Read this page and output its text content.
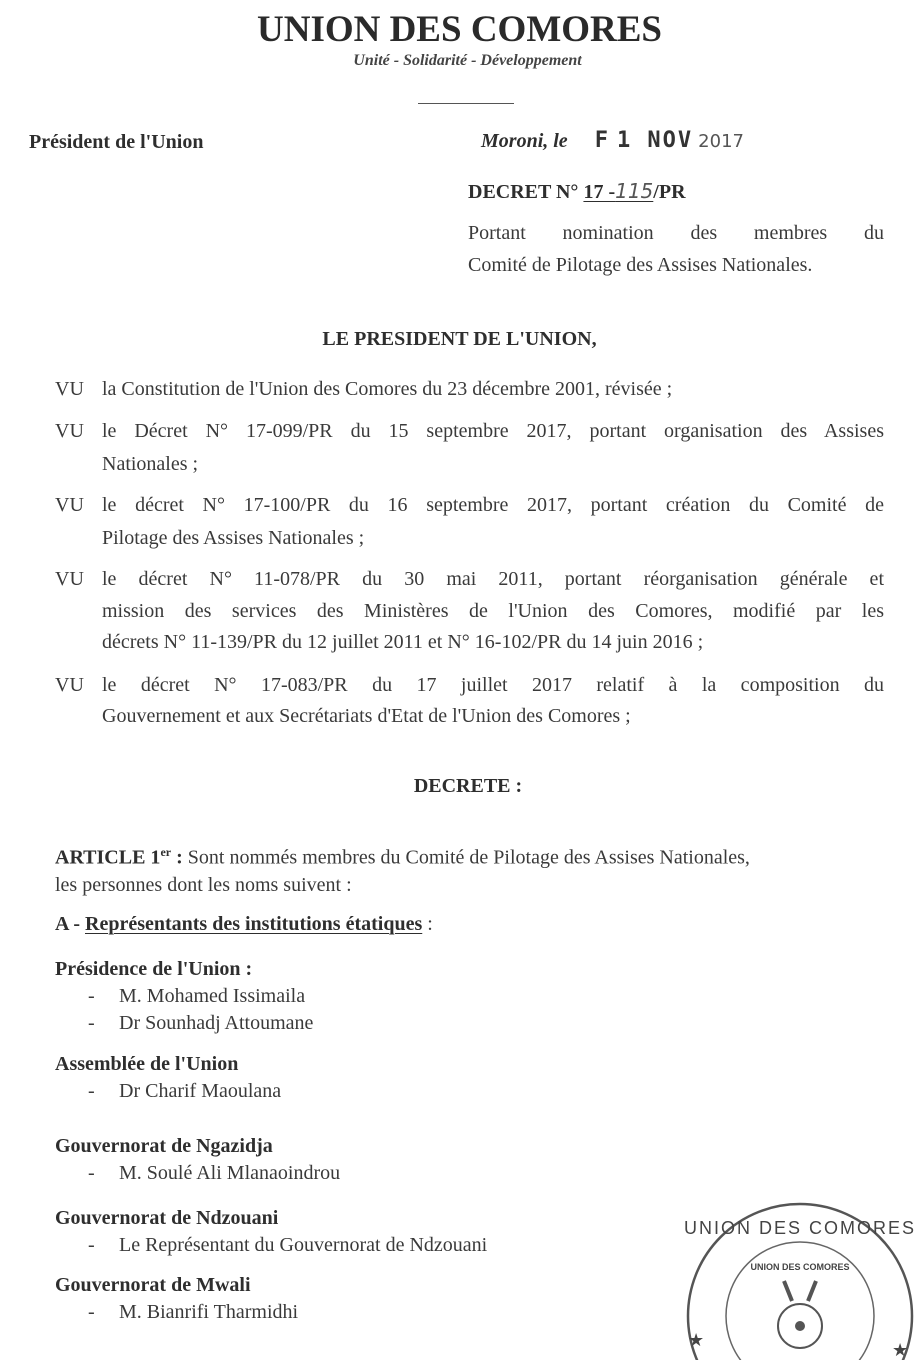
UNION DES COMORES
Unité - Solidarité - Développement
Président de l'Union	Moroni, le F 1 NOV 2017
DECRET N° 17 -115/PR
Portant nomination des membres du
Comité de Pilotage des Assises Nationales.
LE PRESIDENT DE L'UNION,
VU la Constitution de l'Union des Comores du 23 décembre 2001, révisée ;
VU le Décret N° 17-099/PR du 15 septembre 2017, portant organisation des Assises
Nationales ;
VU le décret N° 17-100/PR du 16 septembre 2017, portant création du Comité de
Pilotage des Assises Nationales ;
VU le décret N° 11-078/PR du 30 mai 2011, portant réorganisation générale et
mission des services des Ministères de l'Union des Comores, modifié par les
décrets N° 11-139/PR du 12 juillet 2011 et N° 16-102/PR du 14 juin 2016 ;
VU le décret N° 17-083/PR du 17 juillet 2017 relatif à la composition du
Gouvernement et aux Secrétariats d'Etat de l'Union des Comores ;
DECRETE :
ARTICLE 1er : Sont nommés membres du Comité de Pilotage des Assises Nationales,
les personnes dont les noms suivent :
A - Représentants des institutions étatiques :
Présidence de l'Union :
- M. Mohamed Issimaila
- Dr Sounhadj Attoumane
Assemblée de l'Union
- Dr Charif Maoulana
Gouvernorat de Ngazidja
- M. Soulé Ali Mlanaoindrou
Gouvernorat de Ndzouani
- Le Représentant du Gouvernorat de Ndzouani
Gouvernorat de Mwali
- M. Bianrifi Tharmidhi
★	★
UNION DES COMORES
UNION DES COMORES
